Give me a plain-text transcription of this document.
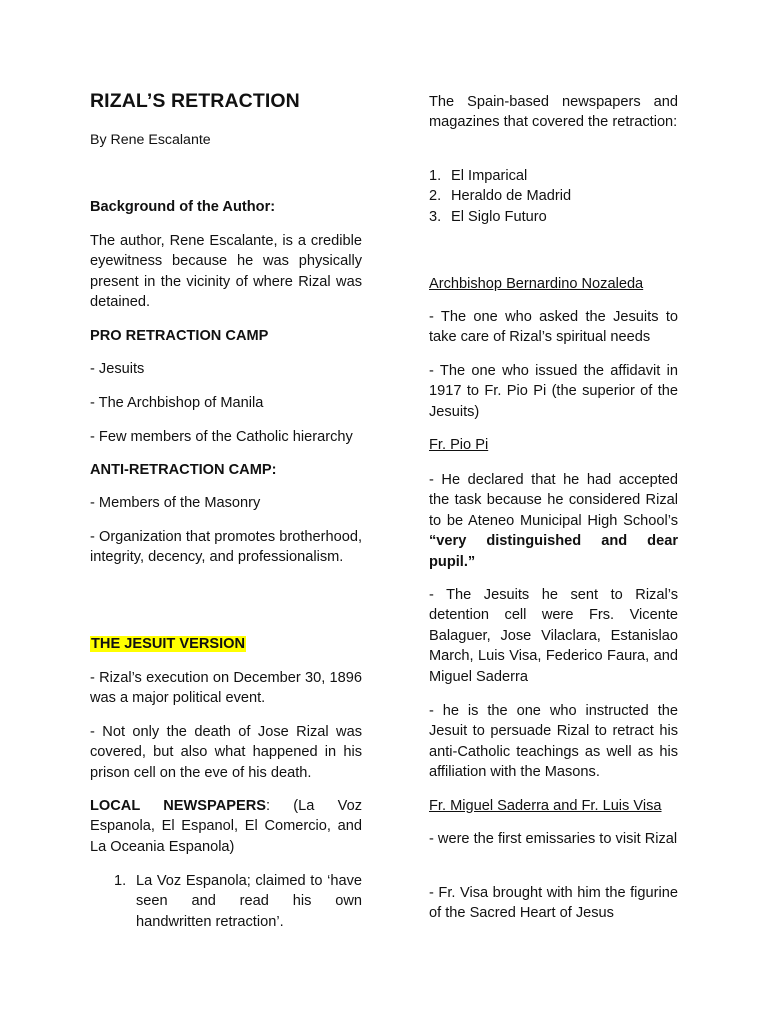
RIZAL’S RETRACTION

By Rene Escalante

Background of the Author:

The author, Rene Escalante, is a credible eyewitness because he was physically present in the vicinity of where Rizal was detained.

PRO RETRACTION CAMP

- Jesuits

- The Archbishop of Manila

- Few members of the Catholic hierarchy

ANTI-RETRACTION CAMP:

- Members of the Masonry

- Organization that promotes brotherhood, integrity, decency, and professionalism.

THE JESUIT VERSION

- Rizal’s execution on December 30, 1896 was a major political event.

- Not only the death of Jose Rizal was covered, but also what happened in his prison cell on the eve of his death.

LOCAL NEWSPAPERS: (La Voz Espanola, El Espanol, El Comercio, and La Oceania Espanola)

1. La Voz Espanola; claimed to ‘have seen and read his own handwritten retraction’.

The Spain-based newspapers and magazines that covered the retraction:

1. El Imparical
2. Heraldo de Madrid
3. El Siglo Futuro

Archbishop Bernardino Nozaleda

- The one who asked the Jesuits to take care of Rizal’s spiritual needs

- The one who issued the affidavit in 1917 to Fr. Pio Pi (the superior of the Jesuits)

Fr. Pio Pi

- He declared that he had accepted the task because he considered Rizal to be Ateneo Municipal High School’s “very distinguished and dear pupil.”

- The Jesuits he sent to Rizal’s detention cell were Frs. Vicente Balaguer, Jose Vilaclara, Estanislao March, Luis Visa, Federico Faura, and Miguel Saderra

- he is the one who instructed the Jesuit to persuade Rizal to retract his anti-Catholic teachings as well as his affiliation with the Masons.

Fr. Miguel Saderra and Fr. Luis Visa

- were the first emissaries to visit Rizal

- Fr. Visa brought with him the figurine of the Sacred Heart of Jesus
